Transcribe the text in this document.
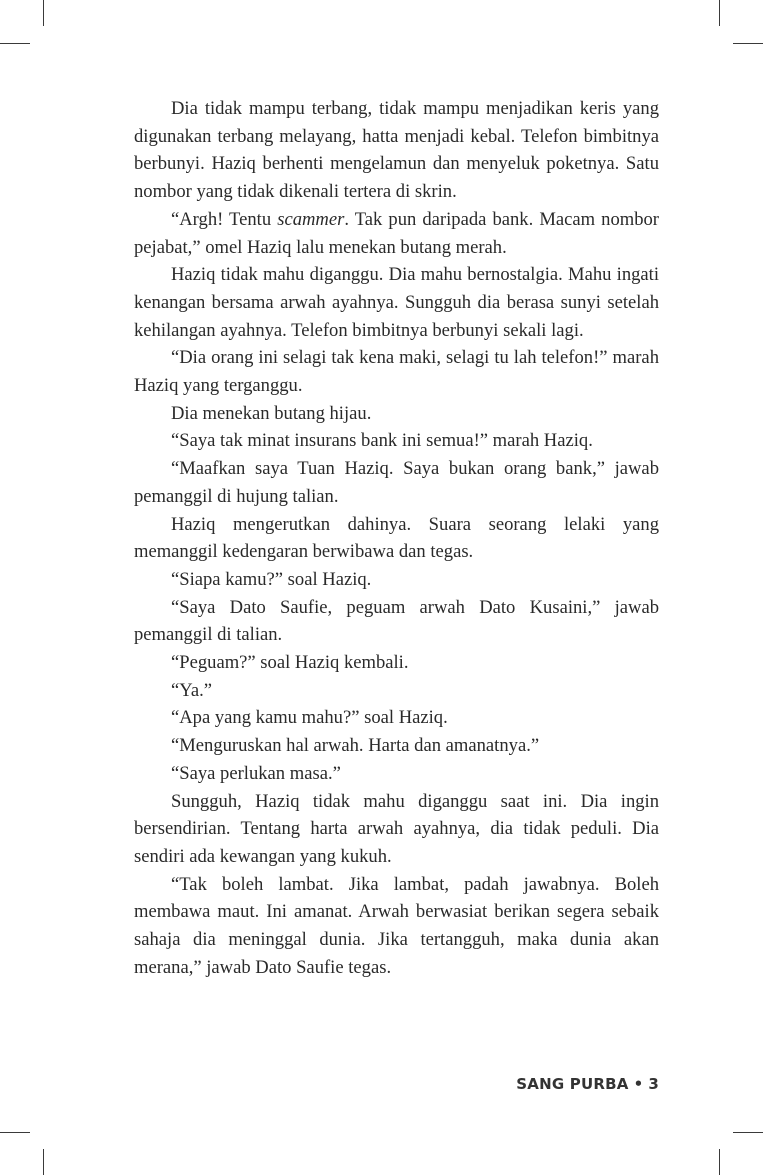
Dia tidak mampu terbang, tidak mampu menjadikan keris yang digunakan terbang melayang, hatta menjadi kebal. Telefon bimbitnya berbunyi. Haziq berhenti mengelamun dan menyeluk poketnya. Satu nombor yang tidak dikenali tertera di skrin.

“Argh! Tentu scammer. Tak pun daripada bank. Macam nombor pejabat,” omel Haziq lalu menekan butang merah.

Haziq tidak mahu diganggu. Dia mahu bernostalgia. Mahu ingati kenangan bersama arwah ayahnya. Sungguh dia berasa sunyi setelah kehilangan ayahnya. Telefon bimbitnya berbunyi sekali lagi.

“Dia orang ini selagi tak kena maki, selagi tu lah telefon!” marah Haziq yang terganggu.

Dia menekan butang hijau.

“Saya tak minat insurans bank ini semua!” marah Haziq.

“Maafkan saya Tuan Haziq. Saya bukan orang bank,” jawab pemanggil di hujung talian.

Haziq mengerutkan dahinya. Suara seorang lelaki yang memanggil kedengaran berwibawa dan tegas.

“Siapa kamu?” soal Haziq.

“Saya Dato Saufie, peguam arwah Dato Kusaini,” jawab pemanggil di talian.

“Peguam?” soal Haziq kembali.

“Ya.”

“Apa yang kamu mahu?” soal Haziq.

“Menguruskan hal arwah. Harta dan amanatnya.”

“Saya perlukan masa.”

Sungguh, Haziq tidak mahu diganggu saat ini. Dia ingin bersendirian. Tentang harta arwah ayahnya, dia tidak peduli. Dia sendiri ada kewangan yang kukuh.

“Tak boleh lambat. Jika lambat, padah jawabnya. Boleh membawa maut. Ini amanat. Arwah berwasiat berikan segera sebaik sahaja dia meninggal dunia. Jika tertangguh, maka dunia akan merana,” jawab Dato Saufie tegas.

SANG PURBA • 3
